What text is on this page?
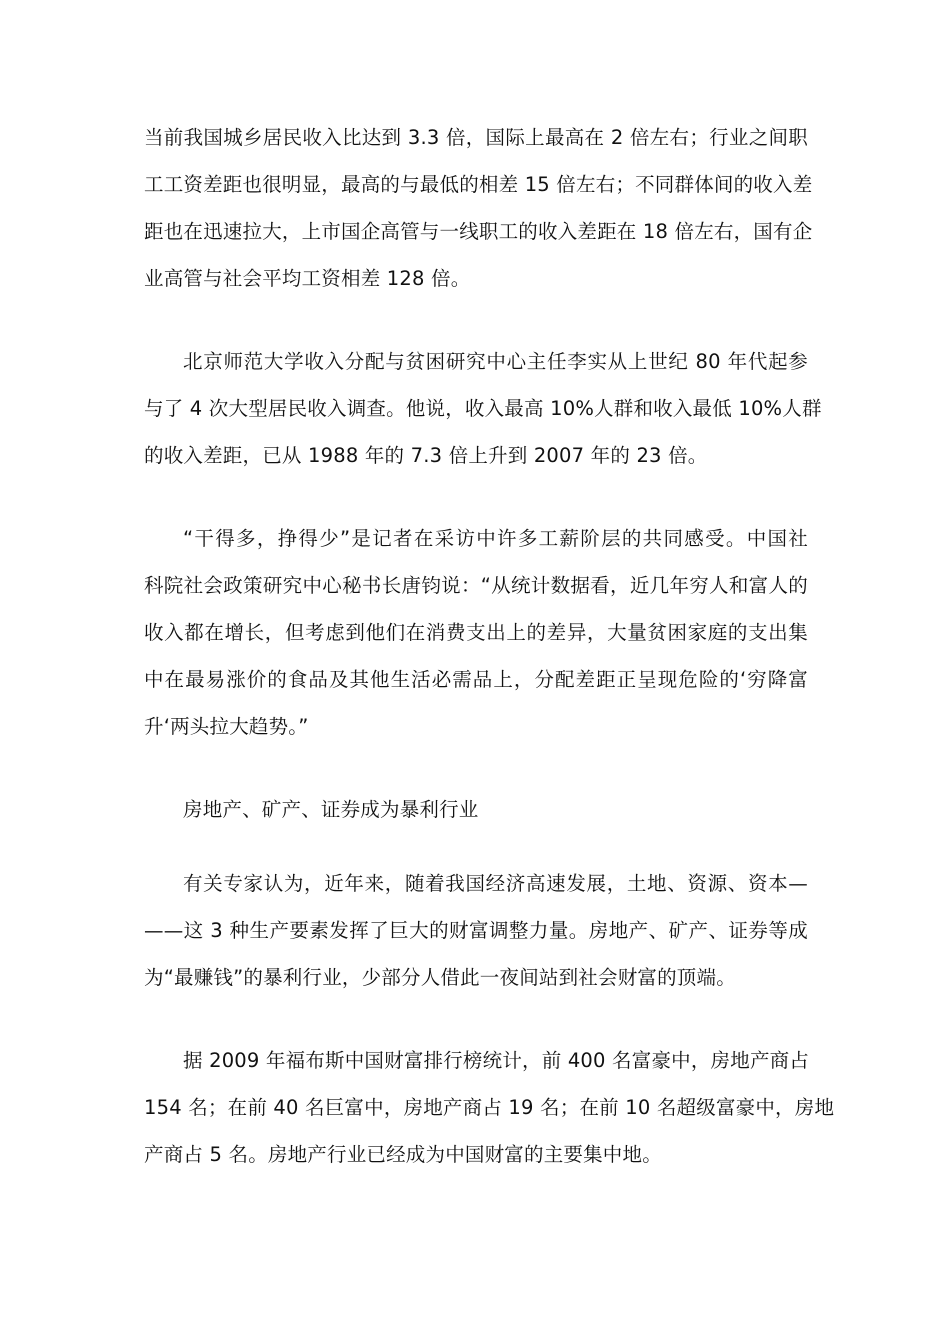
当前我国城乡居民收入比达到 3.3 倍，国际上最高在 2 倍左右；行业之间职
工工资差距也很明显，最高的与最低的相差 15 倍左右；不同群体间的收入差
距也在迅速拉大，上市国企高管与一线职工的收入差距在 18 倍左右，国有企
业高管与社会平均工资相差 128 倍。
北京师范大学收入分配与贫困研究中心主任李实从上世纪 80 年代起参
与了 4 次大型居民收入调查。他说，收入最高 10%人群和收入最低 10%人群
的收入差距，已从 1988 年的 7.3 倍上升到 2007 年的 23 倍。
“干得多，挣得少”是记者在采访中许多工薪阶层的共同感受。中国社
科院社会政策研究中心秘书长唐钧说：“从统计数据看，近几年穷人和富人的
收入都在增长，但考虑到他们在消费支出上的差异，大量贫困家庭的支出集
中在最易涨价的食品及其他生活必需品上，分配差距正呈现危险的‘穷降富
升‘两头拉大趋势。”
房地产、矿产、证券成为暴利行业
有关专家认为，近年来，随着我国经济高速发展，土地、资源、资本—
——这 3 种生产要素发挥了巨大的财富调整力量。房地产、矿产、证券等成
为“最赚钱”的暴利行业，少部分人借此一夜间站到社会财富的顶端。
据 2009 年福布斯中国财富排行榜统计，前 400 名富豪中，房地产商占
154 名；在前 40 名巨富中，房地产商占 19 名；在前 10 名超级富豪中，房地
产商占 5 名。房地产行业已经成为中国财富的主要集中地。
